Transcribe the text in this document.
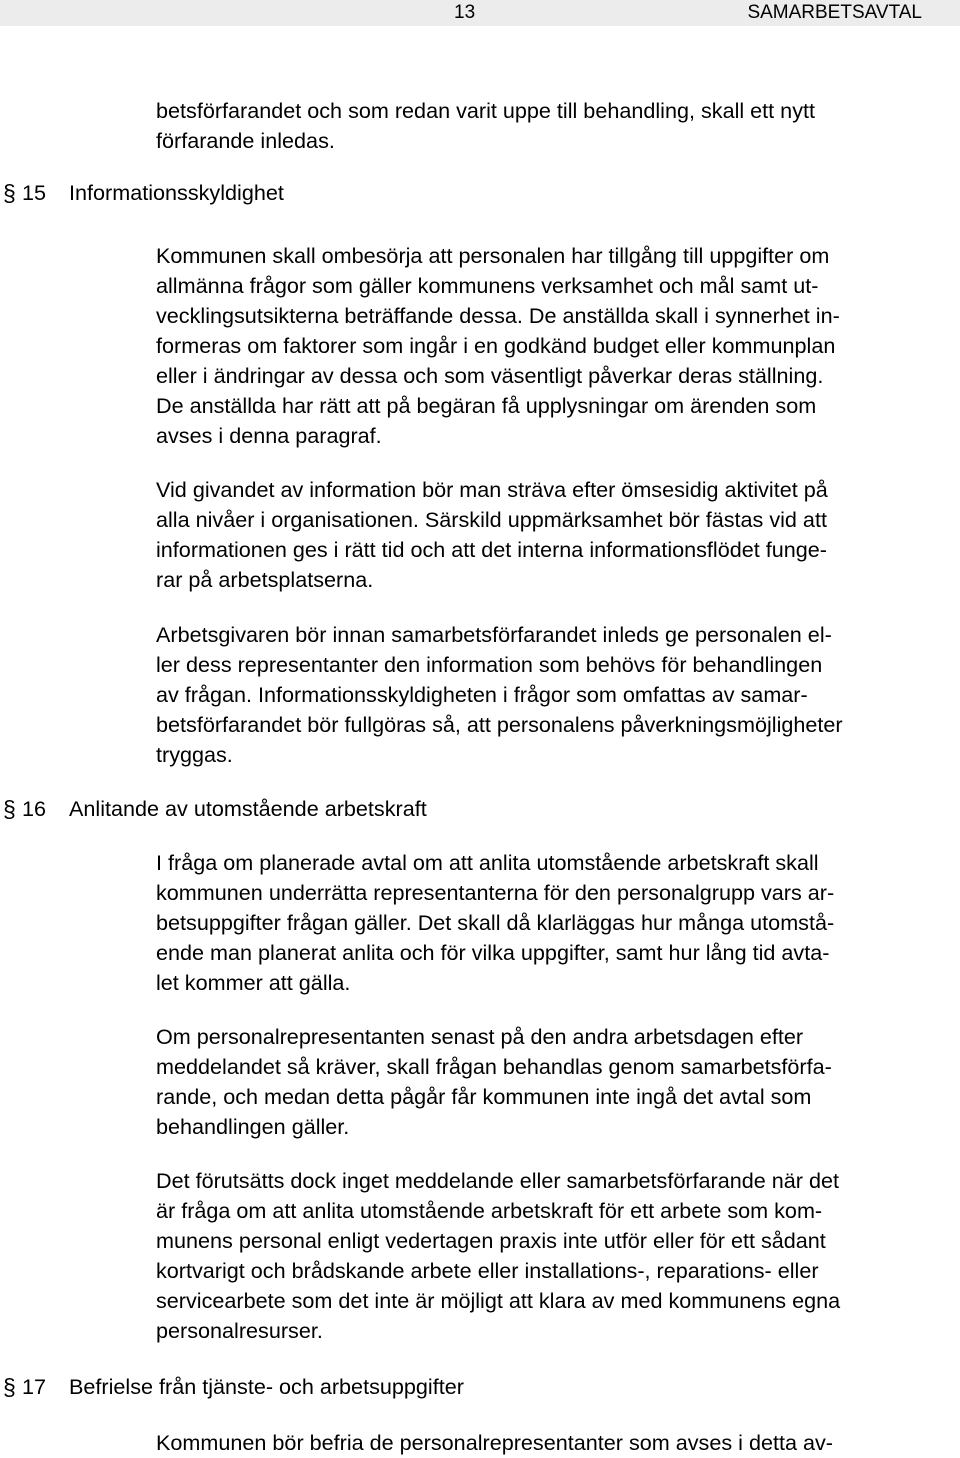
13	SAMARBETSAVTAL

betsförfarandet och som redan varit uppe till behandling, skall ett nytt
förfarande inledas.

§ 15 Informationsskyldighet

Kommunen skall ombesörja att personalen har tillgång till uppgifter om
allmänna frågor som gäller kommunens verksamhet och mål samt ut-
vecklingsutsikterna beträffande dessa. De anställda skall i synnerhet in-
formeras om faktorer som ingår i en godkänd budget eller kommunplan
eller i ändringar av dessa och som väsentligt påverkar deras ställning.
De anställda har rätt att på begäran få upplysningar om ärenden som
avses i denna paragraf.

Vid givandet av information bör man sträva efter ömsesidig aktivitet på
alla nivåer i organisationen. Särskild uppmärksamhet bör fästas vid att
informationen ges i rätt tid och att det interna informationsflödet funge-
rar på arbetsplatserna.

Arbetsgivaren bör innan samarbetsförfarandet inleds ge personalen el-
ler dess representanter den information som behövs för behandlingen
av frågan. Informationsskyldigheten i frågor som omfattas av samar-
betsförfarandet bör fullgöras så, att personalens påverkningsmöjligheter
tryggas.

§ 16 Anlitande av utomstående arbetskraft

I fråga om planerade avtal om att anlita utomstående arbetskraft skall
kommunen underrätta representanterna för den personalgrupp vars ar-
betsuppgifter frågan gäller. Det skall då klarläggas hur många utomstå-
ende man planerat anlita och för vilka uppgifter, samt hur lång tid avta-
let kommer att gälla.

Om personalrepresentanten senast på den andra arbetsdagen efter
meddelandet så kräver, skall frågan behandlas genom samarbetsförfa-
rande, och medan detta pågår får kommunen inte ingå det avtal som
behandlingen gäller.

Det förutsätts dock inget meddelande eller samarbetsförfarande när det
är fråga om att anlita utomstående arbetskraft för ett arbete som kom-
munens personal enligt vedertagen praxis inte utför eller för ett sådant
kortvarigt och brådskande arbete eller installations-, reparations- eller
servicearbete som det inte är möjligt att klara av med kommunens egna
personalresurser.

§ 17 Befrielse från tjänste- och arbetsuppgifter

Kommunen bör befria de personalrepresentanter som avses i detta av-
